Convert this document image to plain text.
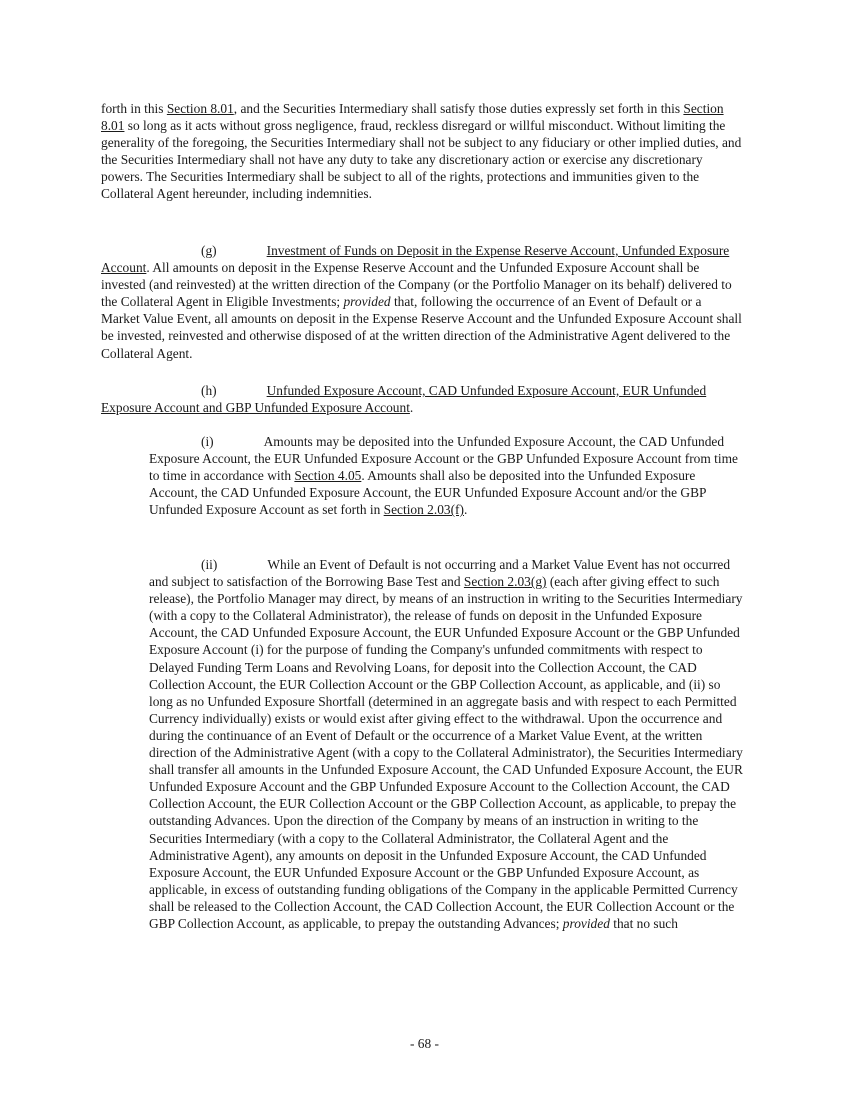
forth in this Section 8.01, and the Securities Intermediary shall satisfy those duties expressly set forth in this Section 8.01 so long as it acts without gross negligence, fraud, reckless disregard or willful misconduct. Without limiting the generality of the foregoing, the Securities Intermediary shall not be subject to any fiduciary or other implied duties, and the Securities Intermediary shall not have any duty to take any discretionary action or exercise any discretionary powers. The Securities Intermediary shall be subject to all of the rights, protections and immunities given to the Collateral Agent hereunder, including indemnities.

(g)	Investment of Funds on Deposit in the Expense Reserve Account, Unfunded Exposure Account. All amounts on deposit in the Expense Reserve Account and the Unfunded Exposure Account shall be invested (and reinvested) at the written direction of the Company (or the Portfolio Manager on its behalf) delivered to the Collateral Agent in Eligible Investments; provided that, following the occurrence of an Event of Default or a Market Value Event, all amounts on deposit in the Expense Reserve Account and the Unfunded Exposure Account shall be invested, reinvested and otherwise disposed of at the written direction of the Administrative Agent delivered to the Collateral Agent.

(h)	Unfunded Exposure Account, CAD Unfunded Exposure Account, EUR Unfunded Exposure Account and GBP Unfunded Exposure Account.

(i)	Amounts may be deposited into the Unfunded Exposure Account, the CAD Unfunded Exposure Account, the EUR Unfunded Exposure Account or the GBP Unfunded Exposure Account from time to time in accordance with Section 4.05. Amounts shall also be deposited into the Unfunded Exposure Account, the CAD Unfunded Exposure Account, the EUR Unfunded Exposure Account and/or the GBP Unfunded Exposure Account as set forth in Section 2.03(f).

(ii)	While an Event of Default is not occurring and a Market Value Event has not occurred and subject to satisfaction of the Borrowing Base Test and Section 2.03(g) (each after giving effect to such release), the Portfolio Manager may direct, by means of an instruction in writing to the Securities Intermediary (with a copy to the Collateral Administrator), the release of funds on deposit in the Unfunded Exposure Account, the CAD Unfunded Exposure Account, the EUR Unfunded Exposure Account or the GBP Unfunded Exposure Account (i) for the purpose of funding the Company's unfunded commitments with respect to Delayed Funding Term Loans and Revolving Loans, for deposit into the Collection Account, the CAD Collection Account, the EUR Collection Account or the GBP Collection Account, as applicable, and (ii) so long as no Unfunded Exposure Shortfall (determined in an aggregate basis and with respect to each Permitted Currency individually) exists or would exist after giving effect to the withdrawal. Upon the occurrence and during the continuance of an Event of Default or the occurrence of a Market Value Event, at the written direction of the Administrative Agent (with a copy to the Collateral Administrator), the Securities Intermediary shall transfer all amounts in the Unfunded Exposure Account, the CAD Unfunded Exposure Account, the EUR Unfunded Exposure Account and the GBP Unfunded Exposure Account to the Collection Account, the CAD Collection Account, the EUR Collection Account or the GBP Collection Account, as applicable, to prepay the outstanding Advances. Upon the direction of the Company by means of an instruction in writing to the Securities Intermediary (with a copy to the Collateral Administrator, the Collateral Agent and the Administrative Agent), any amounts on deposit in the Unfunded Exposure Account, the CAD Unfunded Exposure Account, the EUR Unfunded Exposure Account or the GBP Unfunded Exposure Account, as applicable, in excess of outstanding funding obligations of the Company in the applicable Permitted Currency shall be released to the Collection Account, the CAD Collection Account, the EUR Collection Account or the GBP Collection Account, as applicable, to prepay the outstanding Advances; provided that no such

- 68 -
